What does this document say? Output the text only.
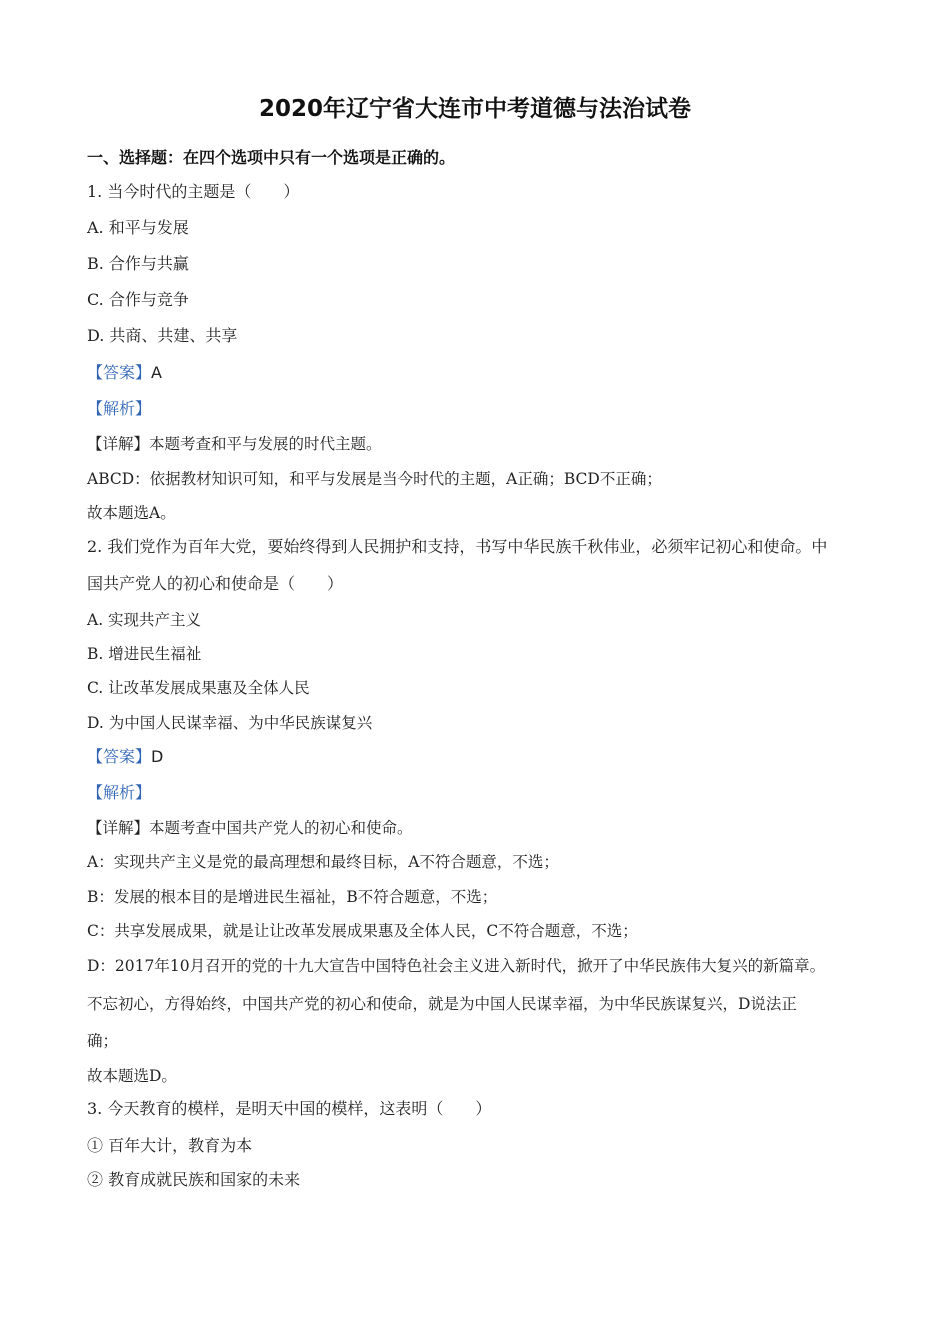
2020年辽宁省大连市中考道德与法治试卷
一、选择题：在四个选项中只有一个选项是正确的。
1. 当今时代的主题是（　　）
A. 和平与发展
B. 合作与共赢
C. 合作与竞争
D. 共商、共建、共享
【答案】A
【解析】
【详解】本题考查和平与发展的时代主题。
ABCD：依据教材知识可知，和平与发展是当今时代的主题，A正确；BCD不正确；
故本题选A。
2. 我们党作为百年大党，要始终得到人民拥护和支持，书写中华民族千秋伟业，必须牢记初心和使命。中
国共产党人的初心和使命是（　　）
A. 实现共产主义
B. 增进民生福祉
C. 让改革发展成果惠及全体人民
D. 为中国人民谋幸福、为中华民族谋复兴
【答案】D
【解析】
【详解】本题考查中国共产党人的初心和使命。
A：实现共产主义是党的最高理想和最终目标，A不符合题意，不选；
B：发展的根本目的是增进民生福祉，B不符合题意，不选；
C：共享发展成果，就是让让改革发展成果惠及全体人民，C不符合题意，不选；
D：2017年10月召开的党的十九大宣告中国特色社会主义进入新时代，掀开了中华民族伟大复兴的新篇章。
不忘初心，方得始终，中国共产党的初心和使命，就是为中国人民谋幸福，为中华民族谋复兴，D说法正
确；
故本题选D。
3. 今天教育的模样，是明天中国的模样，这表明（　　）
① 百年大计，教育为本
② 教育成就民族和国家的未来
